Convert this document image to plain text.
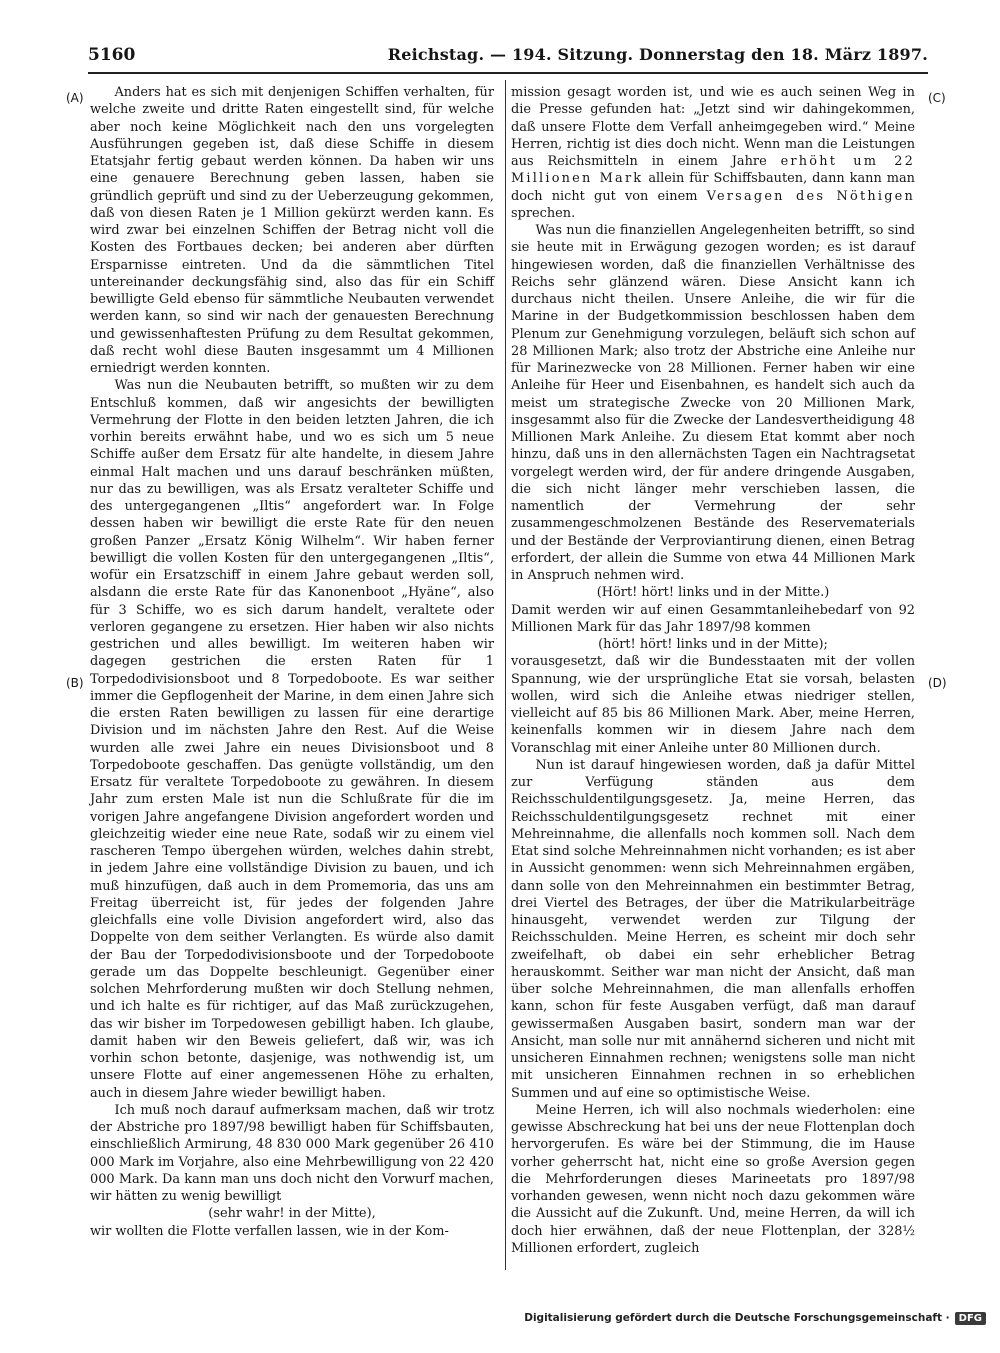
5160	Reichstag. — 194. Sitzung. Donnerstag den 18. März 1897.
(A)
(B)
(C)
(D)

Anders hat es sich mit denjenigen Schiffen verhalten, für welche zweite und dritte Raten eingestellt sind, für welche aber noch keine Möglichkeit nach den uns vorgelegten Ausführungen gegeben ist, daß diese Schiffe in diesem Etatsjahr fertig gebaut werden können. Da haben wir uns eine genauere Berechnung geben lassen, haben sie gründlich geprüft und sind zu der Ueberzeugung gekommen, daß von diesen Raten je 1 Million gekürzt werden kann. Es wird zwar bei einzelnen Schiffen der Betrag nicht voll die Kosten des Fortbaues decken; bei anderen aber dürften Ersparnisse eintreten. Und da die sämmtlichen Titel untereinander deckungsfähig sind, also das für ein Schiff bewilligte Geld ebenso für sämmtliche Neubauten verwendet werden kann, so sind wir nach der genauesten Berechnung und gewissenhaftesten Prüfung zu dem Resultat gekommen, daß recht wohl diese Bauten insgesammt um 4 Millionen erniedrigt werden konnten.

Was nun die Neubauten betrifft, so mußten wir zu dem Entschluß kommen, daß wir angesichts der bewilligten Vermehrung der Flotte in den beiden letzten Jahren, die ich vorhin bereits erwähnt habe, und wo es sich um 5 neue Schiffe außer dem Ersatz für alte handelte, in diesem Jahre einmal Halt machen und uns darauf beschränken müßten, nur das zu bewilligen, was als Ersatz veralteter Schiffe und des untergegangenen „Iltis“ angefordert war. In Folge dessen haben wir bewilligt die erste Rate für den neuen großen Panzer „Ersatz König Wilhelm“. Wir haben ferner bewilligt die vollen Kosten für den untergegangenen „Iltis“, wofür ein Ersatzschiff in einem Jahre gebaut werden soll, alsdann die erste Rate für das Kanonenboot „Hyäne“, also für 3 Schiffe, wo es sich darum handelt, veraltete oder verloren gegangene zu ersetzen. Hier haben wir also nichts gestrichen und alles bewilligt. Im weiteren haben wir dagegen gestrichen die ersten Raten für 1 Torpedodivisionsboot und 8 Torpedoboote. Es war seither immer die Gepflogenheit der Marine, in dem einen Jahre sich die ersten Raten bewilligen zu lassen für eine derartige Division und im nächsten Jahre den Rest. Auf die Weise wurden alle zwei Jahre ein neues Divisionsboot und 8 Torpedoboote geschaffen. Das genügte vollständig, um den Ersatz für veraltete Torpedoboote zu gewähren. In diesem Jahr zum ersten Male ist nun die Schlußrate für die im vorigen Jahre angefangene Division angefordert worden und gleichzeitig wieder eine neue Rate, sodaß wir zu einem viel rascheren Tempo übergehen würden, welches dahin strebt, in jedem Jahre eine vollständige Division zu bauen, und ich muß hinzufügen, daß auch in dem Promemoria, das uns am Freitag überreicht ist, für jedes der folgenden Jahre gleichfalls eine volle Division angefordert wird, also das Doppelte von dem seither Verlangten. Es würde also damit der Bau der Torpedodivisionsboote und der Torpedoboote gerade um das Doppelte beschleunigt. Gegenüber einer solchen Mehrforderung mußten wir doch Stellung nehmen, und ich halte es für richtiger, auf das Maß zurückzugehen, das wir bisher im Torpedowesen gebilligt haben. Ich glaube, damit haben wir den Beweis geliefert, daß wir, was ich vorhin schon betonte, dasjenige, was nothwendig ist, um unsere Flotte auf einer angemessenen Höhe zu erhalten, auch in diesem Jahre wieder bewilligt haben.

Ich muß noch darauf aufmerksam machen, daß wir trotz der Abstriche pro 1897/98 bewilligt haben für Schiffsbauten, einschließlich Armirung, 48 830 000 Mark gegenüber 26 410 000 Mark im Vorjahre, also eine Mehrbewilligung von 22 420 000 Mark. Da kann man uns doch nicht den Vorwurf machen, wir hätten zu wenig bewilligt

(sehr wahr! in der Mitte),

wir wollten die Flotte verfallen lassen, wie in der Kom-

mission gesagt worden ist, und wie es auch seinen Weg in die Presse gefunden hat: „Jetzt sind wir dahingekommen, daß unsere Flotte dem Verfall anheimgegeben wird.“ Meine Herren, richtig ist dies doch nicht. Wenn man die Leistungen aus Reichsmitteln in einem Jahre erhöht um 22 Millionen Mark allein für Schiffsbauten, dann kann man doch nicht gut von einem Versagen des Nöthigen sprechen.

Was nun die finanziellen Angelegenheiten betrifft, so sind sie heute mit in Erwägung gezogen worden; es ist darauf hingewiesen worden, daß die finanziellen Verhältnisse des Reichs sehr glänzend wären. Diese Ansicht kann ich durchaus nicht theilen. Unsere Anleihe, die wir für die Marine in der Budgetkommission beschlossen haben dem Plenum zur Genehmigung vorzulegen, beläuft sich schon auf 28 Millionen Mark; also trotz der Abstriche eine Anleihe nur für Marinezwecke von 28 Millionen. Ferner haben wir eine Anleihe für Heer und Eisenbahnen, es handelt sich auch da meist um strategische Zwecke von 20 Millionen Mark, insgesammt also für die Zwecke der Landesvertheidigung 48 Millionen Mark Anleihe. Zu diesem Etat kommt aber noch hinzu, daß uns in den allernächsten Tagen ein Nachtragsetat vorgelegt werden wird, der für andere dringende Ausgaben, die sich nicht länger mehr verschieben lassen, die namentlich der Vermehrung der sehr zusammengeschmolzenen Bestände des Reservematerials und der Bestände der Verproviantirung dienen, einen Betrag erfordert, der allein die Summe von etwa 44 Millionen Mark in Anspruch nehmen wird.

(Hört! hört! links und in der Mitte.)

Damit werden wir auf einen Gesammtanleihebedarf von 92 Millionen Mark für das Jahr 1897/98 kommen

(hört! hört! links und in der Mitte);

vorausgesetzt, daß wir die Bundesstaaten mit der vollen Spannung, wie der ursprüngliche Etat sie vorsah, belasten wollen, wird sich die Anleihe etwas niedriger stellen, vielleicht auf 85 bis 86 Millionen Mark. Aber, meine Herren, keinenfalls kommen wir in diesem Jahre nach dem Voranschlag mit einer Anleihe unter 80 Millionen durch.

Nun ist darauf hingewiesen worden, daß ja dafür Mittel zur Verfügung ständen aus dem Reichsschuldentilgungsgesetz. Ja, meine Herren, das Reichsschuldentilgungsgesetz rechnet mit einer Mehreinnahme, die allenfalls noch kommen soll. Nach dem Etat sind solche Mehreinnahmen nicht vorhanden; es ist aber in Aussicht genommen: wenn sich Mehreinnahmen ergäben, dann solle von den Mehreinnahmen ein bestimmter Betrag, drei Viertel des Betrages, der über die Matrikularbeiträge hinausgeht, verwendet werden zur Tilgung der Reichsschulden. Meine Herren, es scheint mir doch sehr zweifelhaft, ob dabei ein sehr erheblicher Betrag herauskommt. Seither war man nicht der Ansicht, daß man über solche Mehreinnahmen, die man allenfalls erhoffen kann, schon für feste Ausgaben verfügt, daß man darauf gewissermaßen Ausgaben basirt, sondern man war der Ansicht, man solle nur mit annähernd sicheren und nicht mit unsicheren Einnahmen rechnen; wenigstens solle man nicht mit unsicheren Einnahmen rechnen in so erheblichen Summen und auf eine so optimistische Weise.

Meine Herren, ich will also nochmals wiederholen: eine gewisse Abschreckung hat bei uns der neue Flottenplan doch hervorgerufen. Es wäre bei der Stimmung, die im Hause vorher geherrscht hat, nicht eine so große Aversion gegen die Mehrforderungen dieses Marineetats pro 1897/98 vorhanden gewesen, wenn nicht noch dazu gekommen wäre die Aussicht auf die Zukunft. Und, meine Herren, da will ich doch hier erwähnen, daß der neue Flottenplan, der 328½ Millionen erfordert, zugleich

Digitalisierung gefördert durch die Deutsche Forschungsgemeinschaft · DFG
